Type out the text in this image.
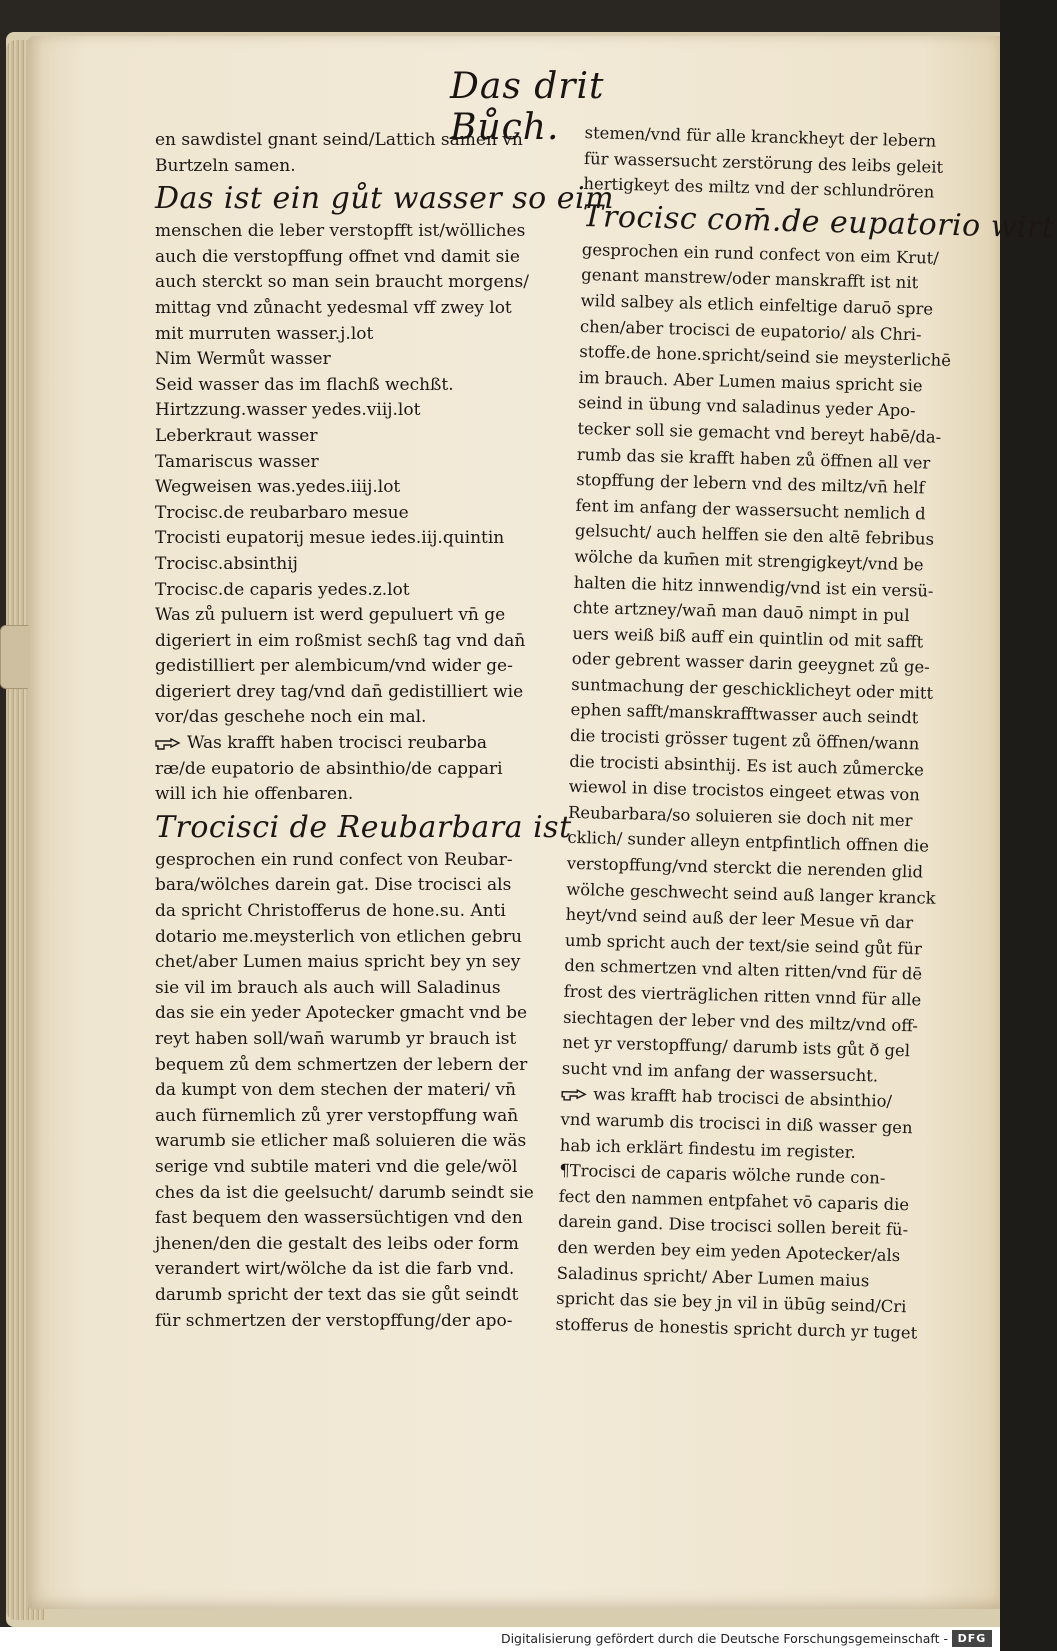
Das drit Bůch.
en sawdistel gnant seind/Lattich samen vn̄
Burtzeln samen.
Das ist ein gůt wasser so eim
menschen die leber verstopfft ist/wölliches
auch die verstopffung offnet vnd damit sie
auch sterckt so man sein braucht morgens/
mittag vnd zůnacht yedesmal vff zwey lot
mit murruten wasser.j.lot
Nim Wermůt wasser
Seid wasser das im flachß wechßt.
Hirtzzung.wasser yedes.viij.lot
Leberkraut wasser
Tamariscus wasser
Wegweisen was.yedes.iiij.lot
Trocisc.de reubarbaro mesue
Trocisti eupatorij mesue iedes.iij.quintin
Trocisc.absinthij
Trocisc.de caparis yedes.z.lot
Was zů puluern ist werd gepuluert vn̄ ge
digeriert in eim roßmist sechß tag vnd dan̄
gedistilliert per alembicum/vnd wider ge-
digeriert drey tag/vnd dan̄ gedistilliert wie
vor/das geschehe noch ein mal.
Was krafft haben trocisci reubarba
ræ/de eupatorio de absinthio/de cappari
will ich hie offenbaren.
Trocisci de Reubarbara ist
gesprochen ein rund confect von Reubar-
bara/wölches darein gat. Dise trocisci als
da spricht Christofferus de hone.su. Anti
dotario me.meysterlich von etlichen gebru
chet/aber Lumen maius spricht bey yn sey
sie vil im brauch als auch will Saladinus
das sie ein yeder Apotecker gmacht vnd be
reyt haben soll/wan̄ warumb yr brauch ist
bequem zů dem schmertzen der lebern der
da kumpt von dem stechen der materi/ vn̄
auch fürnemlich zů yrer verstopffung wan̄
warumb sie etlicher maß soluieren die wäs
serige vnd subtile materi vnd die gele/wöl
ches da ist die geelsucht/ darumb seindt sie
fast bequem den wassersüchtigen vnd den
jhenen/den die gestalt des leibs oder form
verandert wirt/wölche da ist die farb vnd.
darumb spricht der text das sie gůt seindt
für schmertzen der verstopffung/der apo-
stemen/vnd für alle kranckheyt der lebern
für wassersucht zerstörung des leibs geleit
hertigkeyt des miltz vnd der schlundrören
Trocisc com̄.de eupatorio wirt
gesprochen ein rund confect von eim Krut/
genant manstrew/oder manskrafft ist nit
wild salbey als etlich einfeltige daruō spre
chen/aber trocisci de eupatorio/ als Chri-
stoffe.de hone.spricht/seind sie meysterlichē
im brauch. Aber Lumen maius spricht sie
seind in übung vnd saladinus yeder Apo-
tecker soll sie gemacht vnd bereyt habē/da-
rumb das sie krafft haben zů öffnen all ver
stopffung der lebern vnd des miltz/vn̄ helf
fent im anfang der wassersucht nemlich d
gelsucht/ auch helffen sie den altē febribus
wölche da kum̄en mit strengigkeyt/vnd be
halten die hitz innwendig/vnd ist ein versü-
chte artzney/wan̄ man dauō nimpt in pul
uers weiß biß auff ein quintlin od mit safft
oder gebrent wasser darin geeygnet zů ge-
suntmachung der geschicklicheyt oder mitt
ephen safft/manskrafftwasser auch seindt
die trocisti grösser tugent zů öffnen/wann
die trocisti absinthij. Es ist auch zůmercke
wiewol in dise trocistos eingeet etwas von
Reubarbara/so soluieren sie doch nit mer
cklich/ sunder alleyn entpfintlich offnen die
verstopffung/vnd sterckt die nerenden glid
wölche geschwecht seind auß langer kranck
heyt/vnd seind auß der leer Mesue vn̄ dar
umb spricht auch der text/sie seind gůt für
den schmertzen vnd alten ritten/vnd für dē
frost des vierträglichen ritten vnnd für alle
siechtagen der leber vnd des miltz/vnd off-
net yr verstopffung/ darumb ists gůt ð gel
sucht vnd im anfang der wassersucht.
was krafft hab trocisci de absinthio/
vnd warumb dis trocisci in diß wasser gen
hab ich erklärt findestu im register.
¶Trocisci de caparis wölche runde con-
fect den nammen entpfahet vō caparis die
darein gand. Dise trocisci sollen bereit fü-
den werden bey eim yeden Apotecker/als
Saladinus spricht/ Aber Lumen maius
spricht das sie bey jn vil in übūg seind/Cri
stofferus de honestis spricht durch yr tuget
Digitalisierung gefördert durch die Deutsche Forschungsgemeinschaft - DFG
